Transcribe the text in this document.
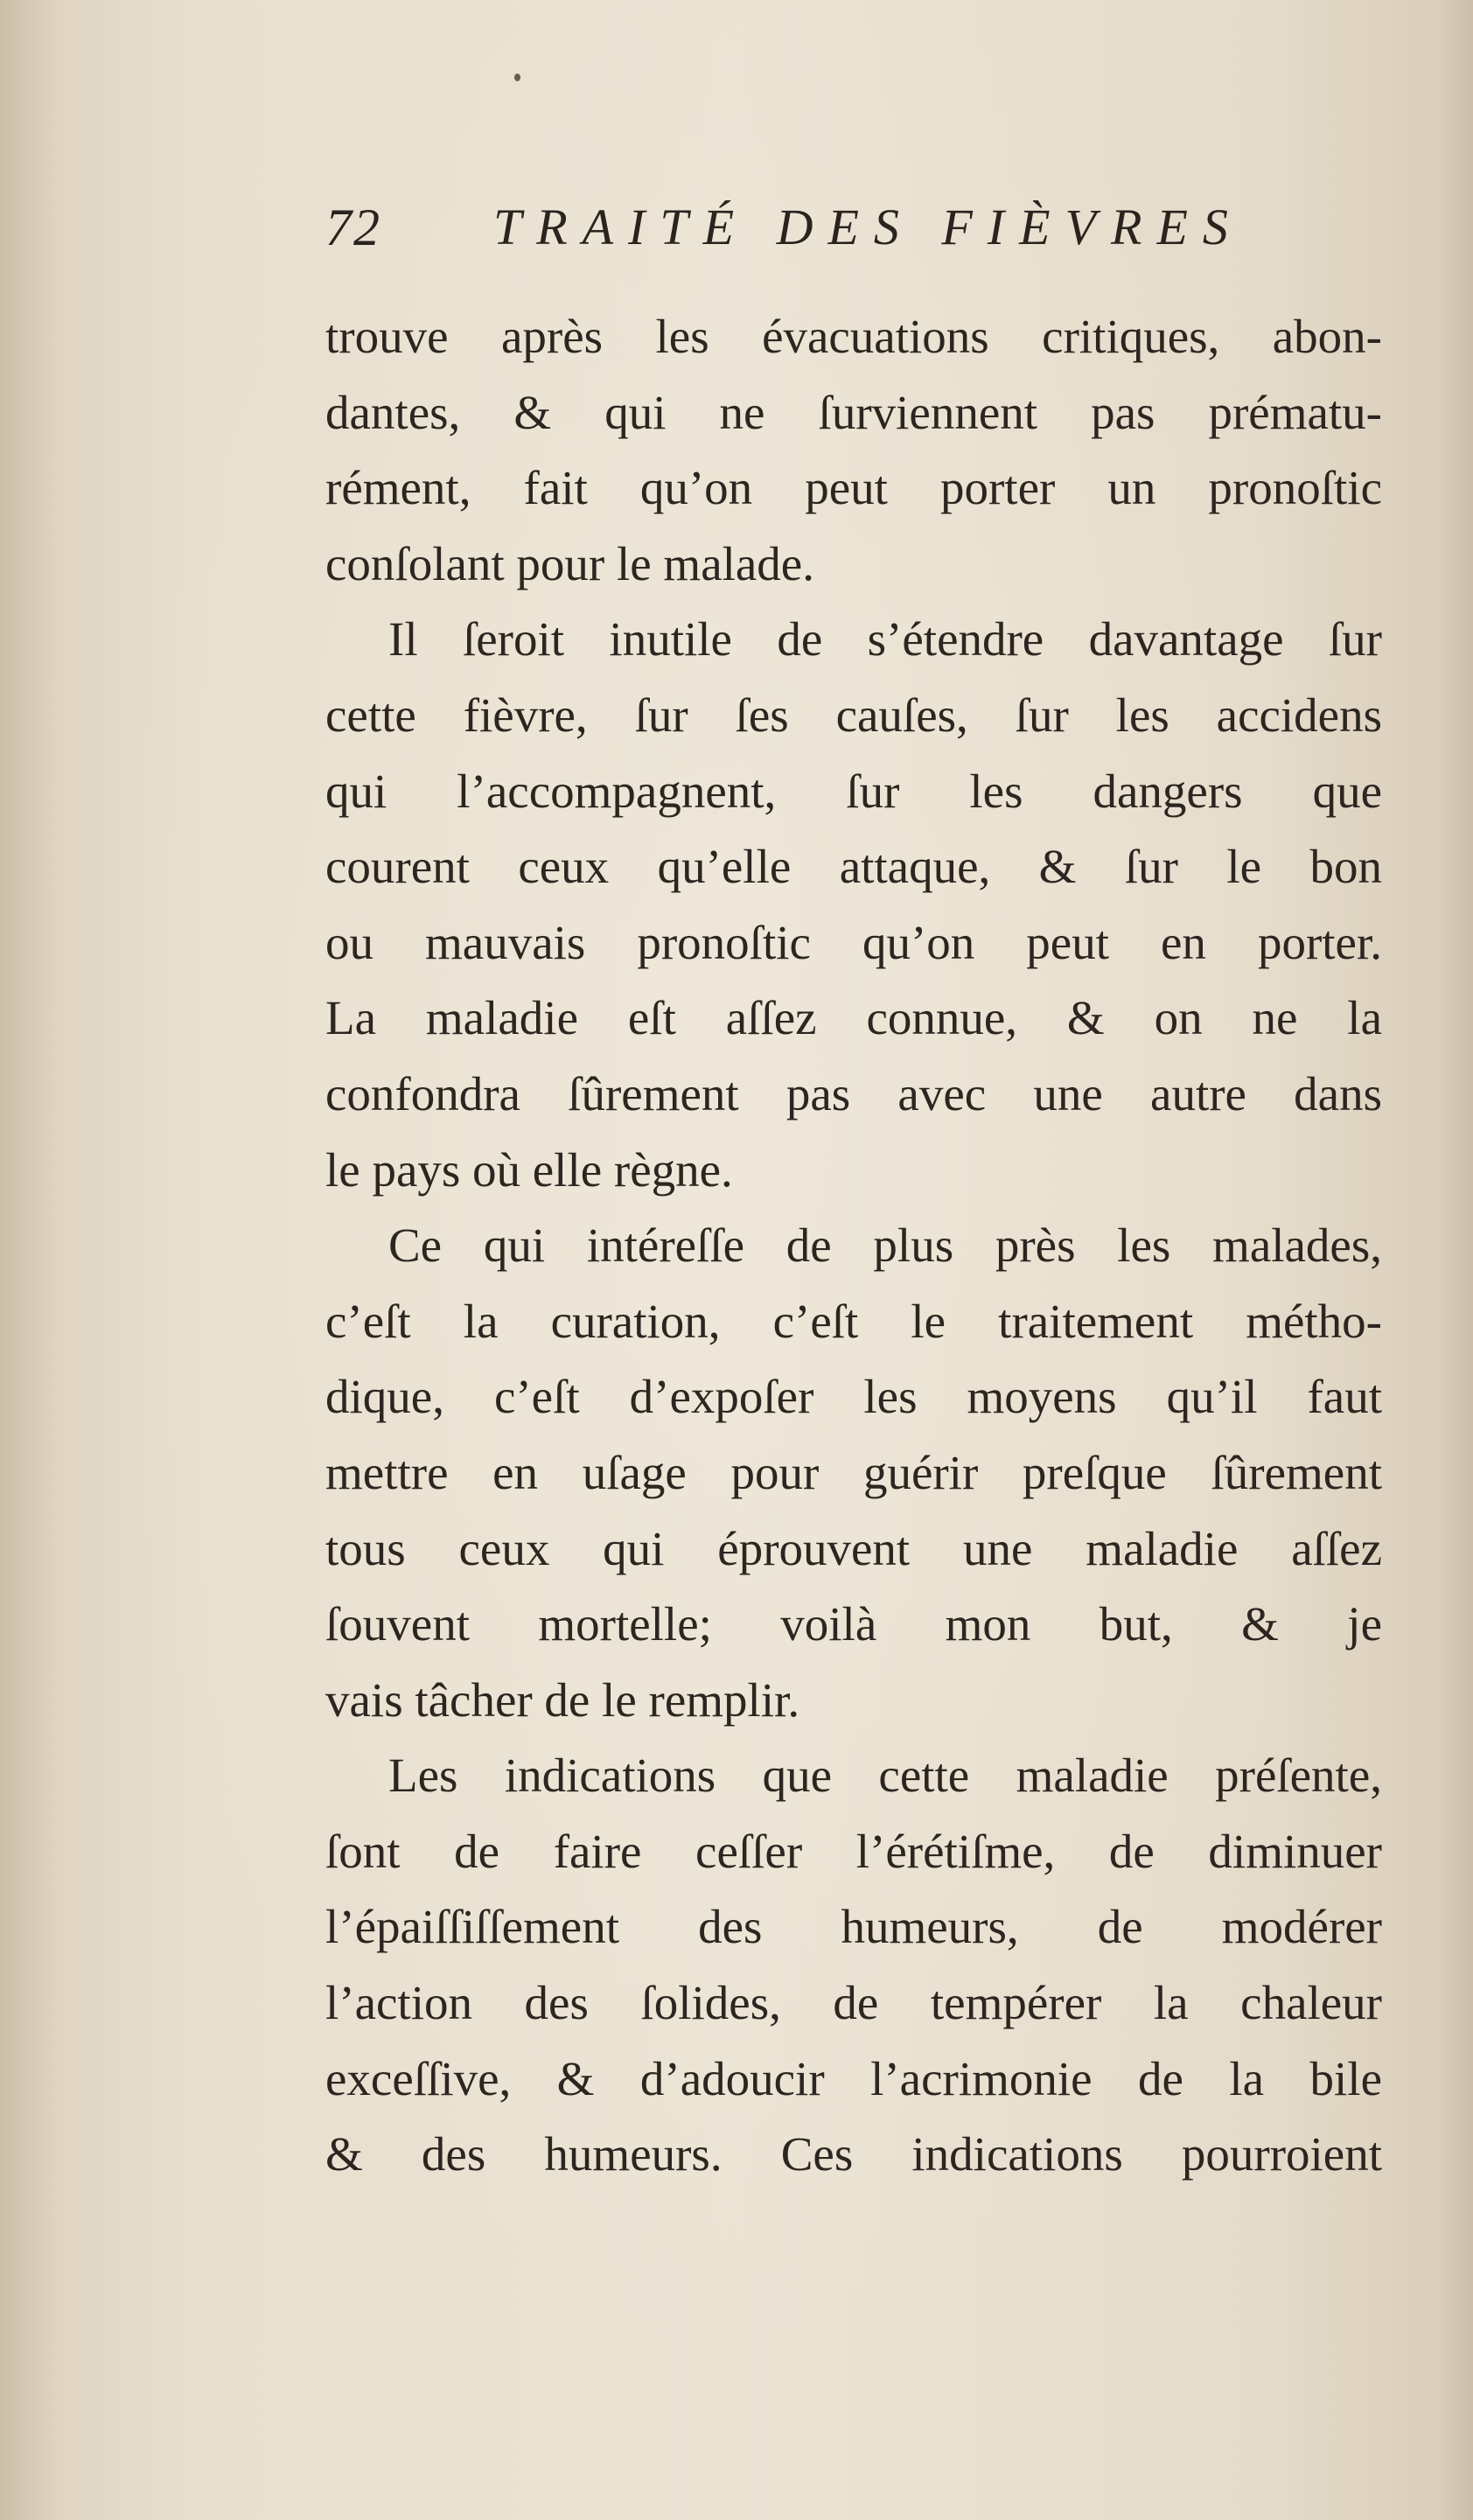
72 TRAITÉ DES FIÈVRES
trouve après les évacuations critiques, abon-
dantes, & qui ne ſurviennent pas prématu-
rément, fait qu’on peut porter un pronoſtic
conſolant pour le malade.
Il ſeroit inutile de s’étendre davantage ſur
cette fièvre, ſur ſes cauſes, ſur les accidens
qui l’accompagnent, ſur les dangers que
courent ceux qu’elle attaque, & ſur le bon
ou mauvais pronoſtic qu’on peut en porter.
La maladie eſt aſſez connue, & on ne la
confondra ſûrement pas avec une autre dans
le pays où elle règne.
Ce qui intéreſſe de plus près les malades,
c’eſt la curation, c’eſt le traitement métho-
dique, c’eſt d’expoſer les moyens qu’il faut
mettre en uſage pour guérir preſque ſûrement
tous ceux qui éprouvent une maladie aſſez
ſouvent mortelle; voilà mon but, & je
vais tâcher de le remplir.
Les indications que cette maladie préſente,
ſont de faire ceſſer l’érétiſme, de diminuer
l’épaiſſiſſement des humeurs, de modérer
l’action des ſolides, de tempérer la chaleur
exceſſive, & d’adoucir l’acrimonie de la bile
& des humeurs. Ces indications pourroient
